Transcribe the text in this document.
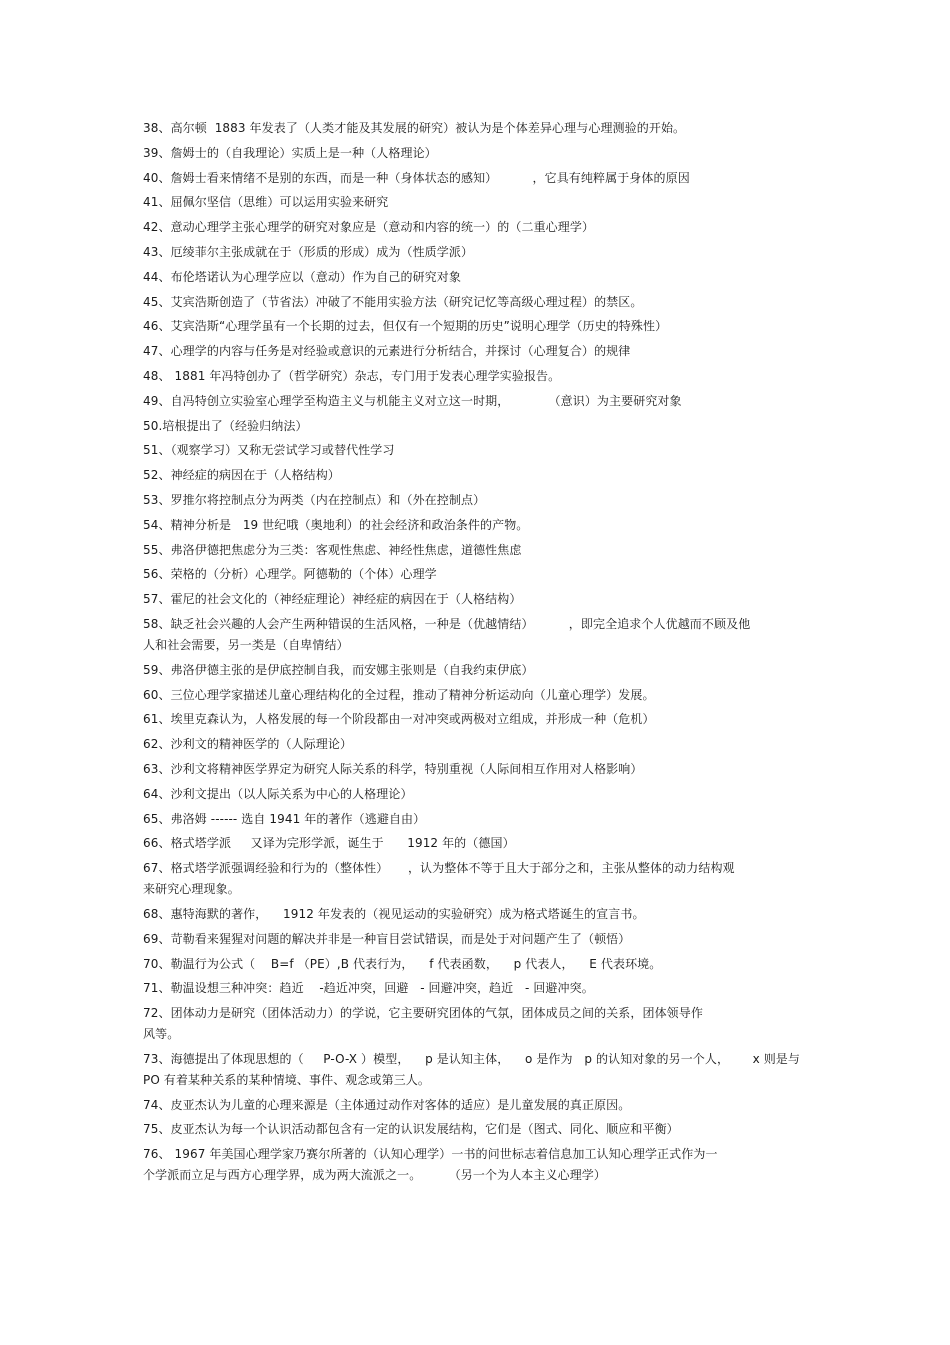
38、高尔顿  1883 年发表了（人类才能及其发展的研究）被认为是个体差异心理与心理测验的开始。

39、詹姆士的（自我理论）实质上是一种（人格理论）

40、詹姆士看来情绪不是别的东西，而是一种（身体状态的感知）         ，它具有纯粹属于身体的原因

41、屈佩尔坚信（思维）可以运用实验来研究

42、意动心理学主张心理学的研究对象应是（意动和内容的统一）的（二重心理学）

43、厄绫菲尔主张成就在于（形质的形成）成为（性质学派）

44、布伦塔诺认为心理学应以（意动）作为自己的研究对象

45、艾宾浩斯创造了（节省法）冲破了不能用实验方法（研究记忆等高级心理过程）的禁区。

46、艾宾浩斯“心理学虽有一个长期的过去，但仅有一个短期的历史”说明心理学（历史的特殊性）

47、心理学的内容与任务是对经验或意识的元素进行分析结合，并探讨（心理复合）的规律

48、 1881 年冯特创办了（哲学研究）杂志，专门用于发表心理学实验报告。

49、自冯特创立实验室心理学至构造主义与机能主义对立这一时期，          （意识）为主要研究对象

50.培根提出了（经验归纳法）

51、（观察学习）又称无尝试学习或替代性学习

52、神经症的病因在于（人格结构）

53、罗推尔将控制点分为两类（内在控制点）和（外在控制点）

54、精神分析是   19 世纪哦（奥地利）的社会经济和政治条件的产物。

55、弗洛伊德把焦虑分为三类：客观性焦虑、神经性焦虑，道德性焦虑

56、荣格的（分析）心理学。阿德勒的（个体）心理学

57、霍尼的社会文化的（神经症理论）神经症的病因在于（人格结构）

58、缺乏社会兴趣的人会产生两种错误的生活风格，一种是（优越情结）         ，即完全追求个人优越而不顾及他
人和社会需要，另一类是（自卑情结）

59、弗洛伊德主张的是伊底控制自我，而安娜主张则是（自我约束伊底）

60、三位心理学家描述儿童心理结构化的全过程，推动了精神分析运动向（儿童心理学）发展。

61、埃里克森认为，人格发展的每一个阶段都由一对冲突或两极对立组成，并形成一种（危机）

62、沙利文的精神医学的（人际理论）

63、沙利文将精神医学界定为研究人际关系的科学，特别重视（人际间相互作用对人格影响）

64、沙利文提出（以人际关系为中心的人格理论）

65、弗洛姆 ------ 选自 1941 年的著作（逃避自由）

66、格式塔学派     又译为完形学派，诞生于      1912 年的（德国）

67、格式塔学派强调经验和行为的（整体性）     ，认为整体不等于且大于部分之和，主张从整体的动力结构观
来研究心理现象。

68、惠特海默的著作，    1912 年发表的（视见运动的实验研究）成为格式塔诞生的宣言书。

69、苛勒看来猩猩对问题的解决并非是一种盲目尝试错误，而是处于对问题产生了（顿悟）

70、勒温行为公式（    B=f （PE）,B 代表行为，    f 代表函数，    p 代表人，    E 代表环境。

71、勒温设想三种冲突：趋近    -趋近冲突，回避   - 回避冲突，趋近   - 回避冲突。

72、团体动力是研究（团体活动力）的学说，它主要研究团体的气氛，团体成员之间的关系，团体领导作
风等。

73、海德提出了体现思想的（     P-O-X ）模型，    p 是认知主体，    o 是作为   p 的认知对象的另一个人，      x 则是与
PO 有着某种关系的某种情境、事件、观念或第三人。

74、皮亚杰认为儿童的心理来源是（主体通过动作对客体的适应）是儿童发展的真正原因。

75、皮亚杰认为每一个认识活动都包含有一定的认识发展结构，它们是（图式、同化、顺应和平衡）

76、 1967 年美国心理学家乃赛尔所著的（认知心理学）一书的问世标志着信息加工认知心理学正式作为一
个学派而立足与西方心理学界，成为两大流派之一。       （另一个为人本主义心理学）
